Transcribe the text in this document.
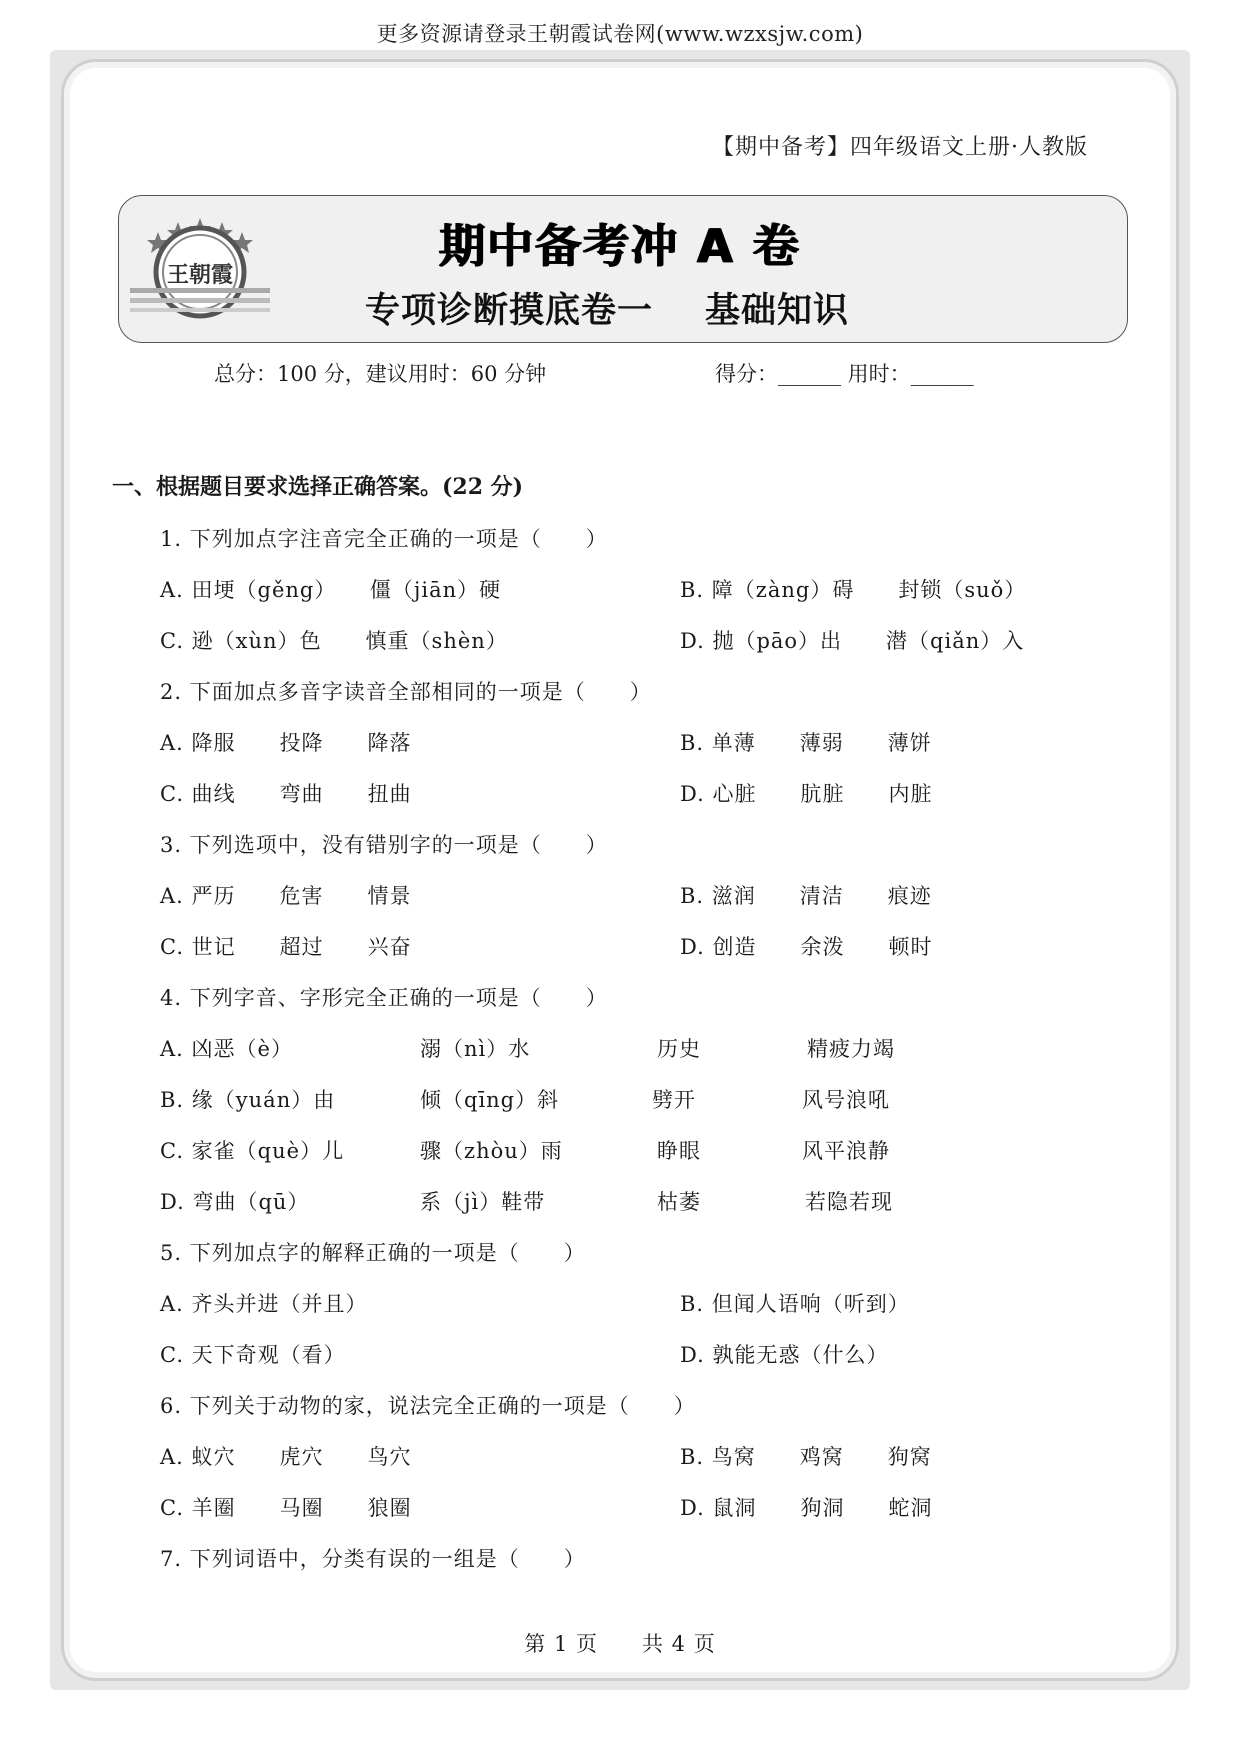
更多资源请登录王朝霞试卷网(www.wzxsjw.com)
【期中备考】四年级语文上册·人教版
王朝霞
期中备考冲 A 卷
专项诊断摸底卷一 基础知识
总分：100 分，建议用时：60 分钟	得分：______ 用时：______
一、根据题目要求选择正确答案。(22 分)
1. 下列加点字注音完全正确的一项是（　　）
A. 田埂（gěng）　　僵（jiān）硬	B. 障（zàng）碍　　封锁（suǒ）
C. 逊（xùn）色　　慎重（shèn）	D. 抛（pāo）出　　潜（qiǎn）入
2. 下面加点多音字读音全部相同的一项是（　　）
A. 降服　　投降　　降落	B. 单薄　　薄弱　　薄饼
C. 曲线　　弯曲　　扭曲	D. 心脏　　肮脏　　内脏
3. 下列选项中，没有错别字的一项是（　　）
A. 严历　　危害　　情景	B. 滋润　　清洁　　痕迹
C. 世记　　超过　　兴奋	D. 创造　　余泼　　顿时
4. 下列字音、字形完全正确的一项是（　　）
A. 凶恶（è）	溺（nì）水	历史	精疲力竭
B. 缘（yuán）由	倾（qīng）斜	劈开	风号浪吼
C. 家雀（què）儿	骤（zhòu）雨	睁眼	风平浪静
D. 弯曲（qū）	系（jì）鞋带	枯萎	若隐若现
5. 下列加点字的解释正确的一项是（　　）
A. 齐头并进（并且）	B. 但闻人语响（听到）
C. 天下奇观（看）	D. 孰能无惑（什么）
6. 下列关于动物的家，说法完全正确的一项是（　　）
A. 蚁穴　　虎穴　　鸟穴	B. 鸟窝　　鸡窝　　狗窝
C. 羊圈　　马圈　　狼圈	D. 鼠洞　　狗洞　　蛇洞
7. 下列词语中，分类有误的一组是（　　）
第 1 页　　共 4 页
